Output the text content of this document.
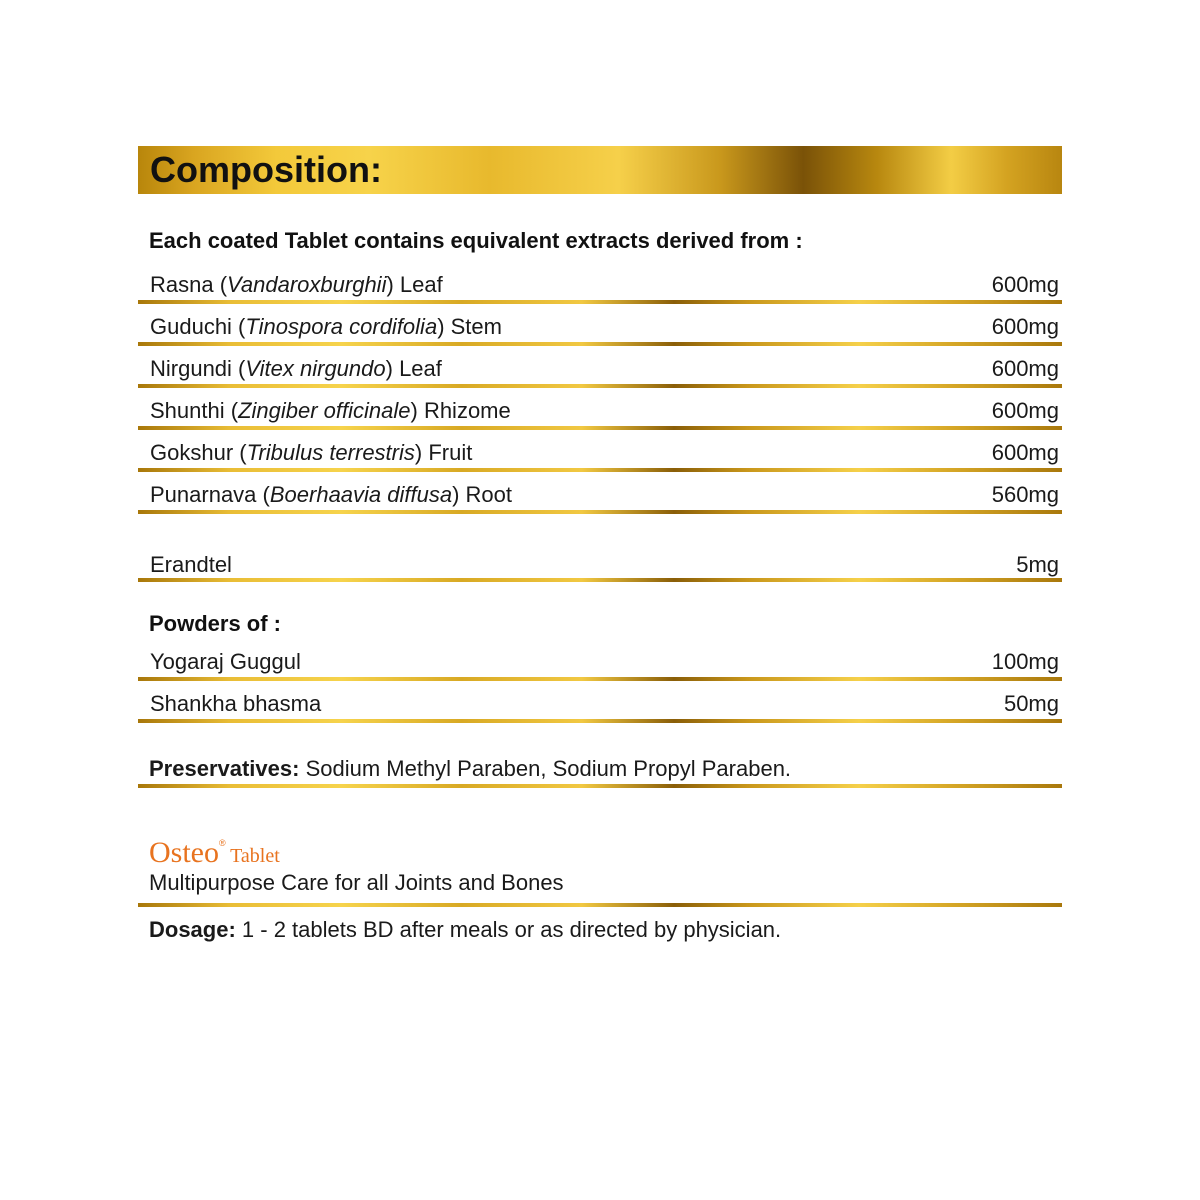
Composition:
Each coated Tablet contains equivalent extracts derived from :
Rasna (Vandaroxburghii) Leaf	600mg
Guduchi (Tinospora cordifolia) Stem	600mg
Nirgundi (Vitex nirgundo) Leaf	600mg
Shunthi (Zingiber officinale) Rhizome	600mg
Gokshur (Tribulus terrestris) Fruit	600mg
Punarnava (Boerhaavia diffusa) Root	560mg
Erandtel	5mg
Powders of :
Yogaraj Guggul	100mg
Shankha bhasma	50mg
Preservatives: Sodium Methyl Paraben, Sodium Propyl Paraben.
Osteo® Tablet
Multipurpose Care for all Joints and Bones
Dosage: 1 - 2 tablets BD after meals or as directed by physician.
